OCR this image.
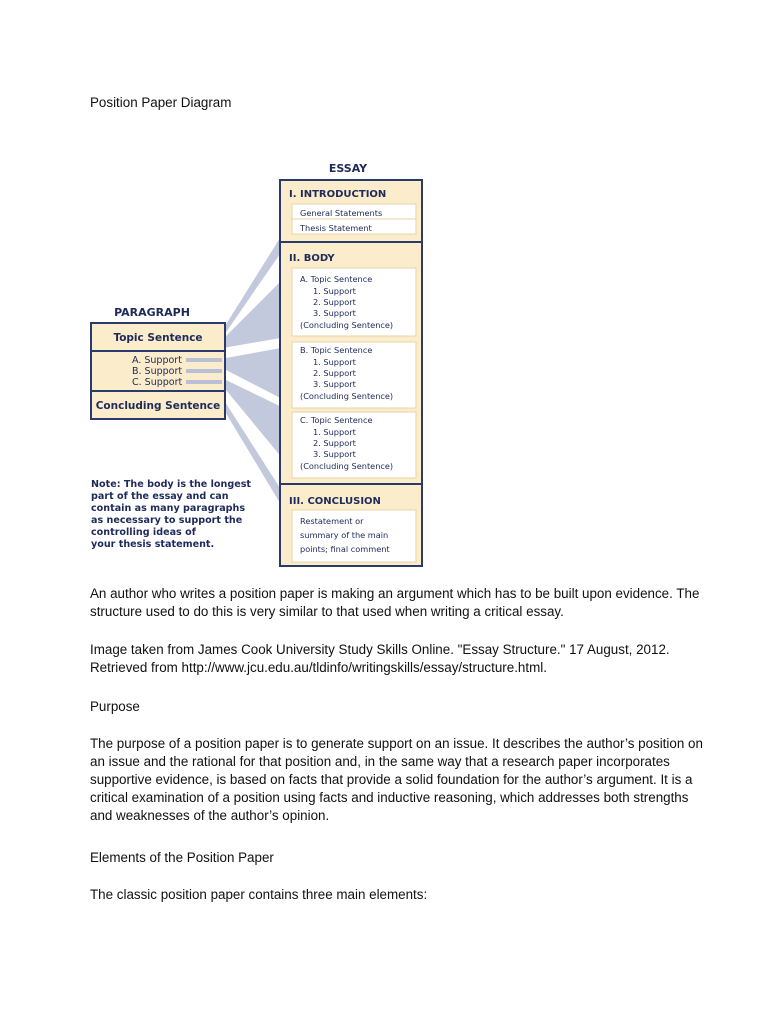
Position Paper Diagram
ESSAY
I. INTRODUCTION
General Statements
Thesis Statement
II. BODY
A. Topic Sentence
1. Support
2. Support
3. Support
(Concluding Sentence)
B. Topic Sentence
1. Support
2. Support
3. Support
(Concluding Sentence)
C. Topic Sentence
1. Support
2. Support
3. Support
(Concluding Sentence)
III. CONCLUSION
Restatement or
summary of the main
points; final comment
PARAGRAPH
Topic Sentence
A. Support
B. Support
C. Support
Concluding Sentence
Note: The body is the longest
part of the essay and can
contain as many paragraphs
as necessary to support the
controlling ideas of
your thesis statement.
An author who writes a position paper is making an argument which has to be built upon evidence. The structure used to do this is very similar to that used when writing a critical essay.
Image taken from James Cook University Study Skills Online. "Essay Structure." 17 August, 2012. Retrieved from http://www.jcu.edu.au/tldinfo/writingskills/essay/structure.html.
Purpose
The purpose of a position paper is to generate support on an issue. It describes the author’s position on an issue and the rational for that position and, in the same way that a research paper incorporates supportive evidence, is based on facts that provide a solid foundation for the author’s argument. It is a critical examination of a position using facts and inductive reasoning, which addresses both strengths and weaknesses of the author’s opinion.
Elements of the Position Paper
The classic position paper contains three main elements:
